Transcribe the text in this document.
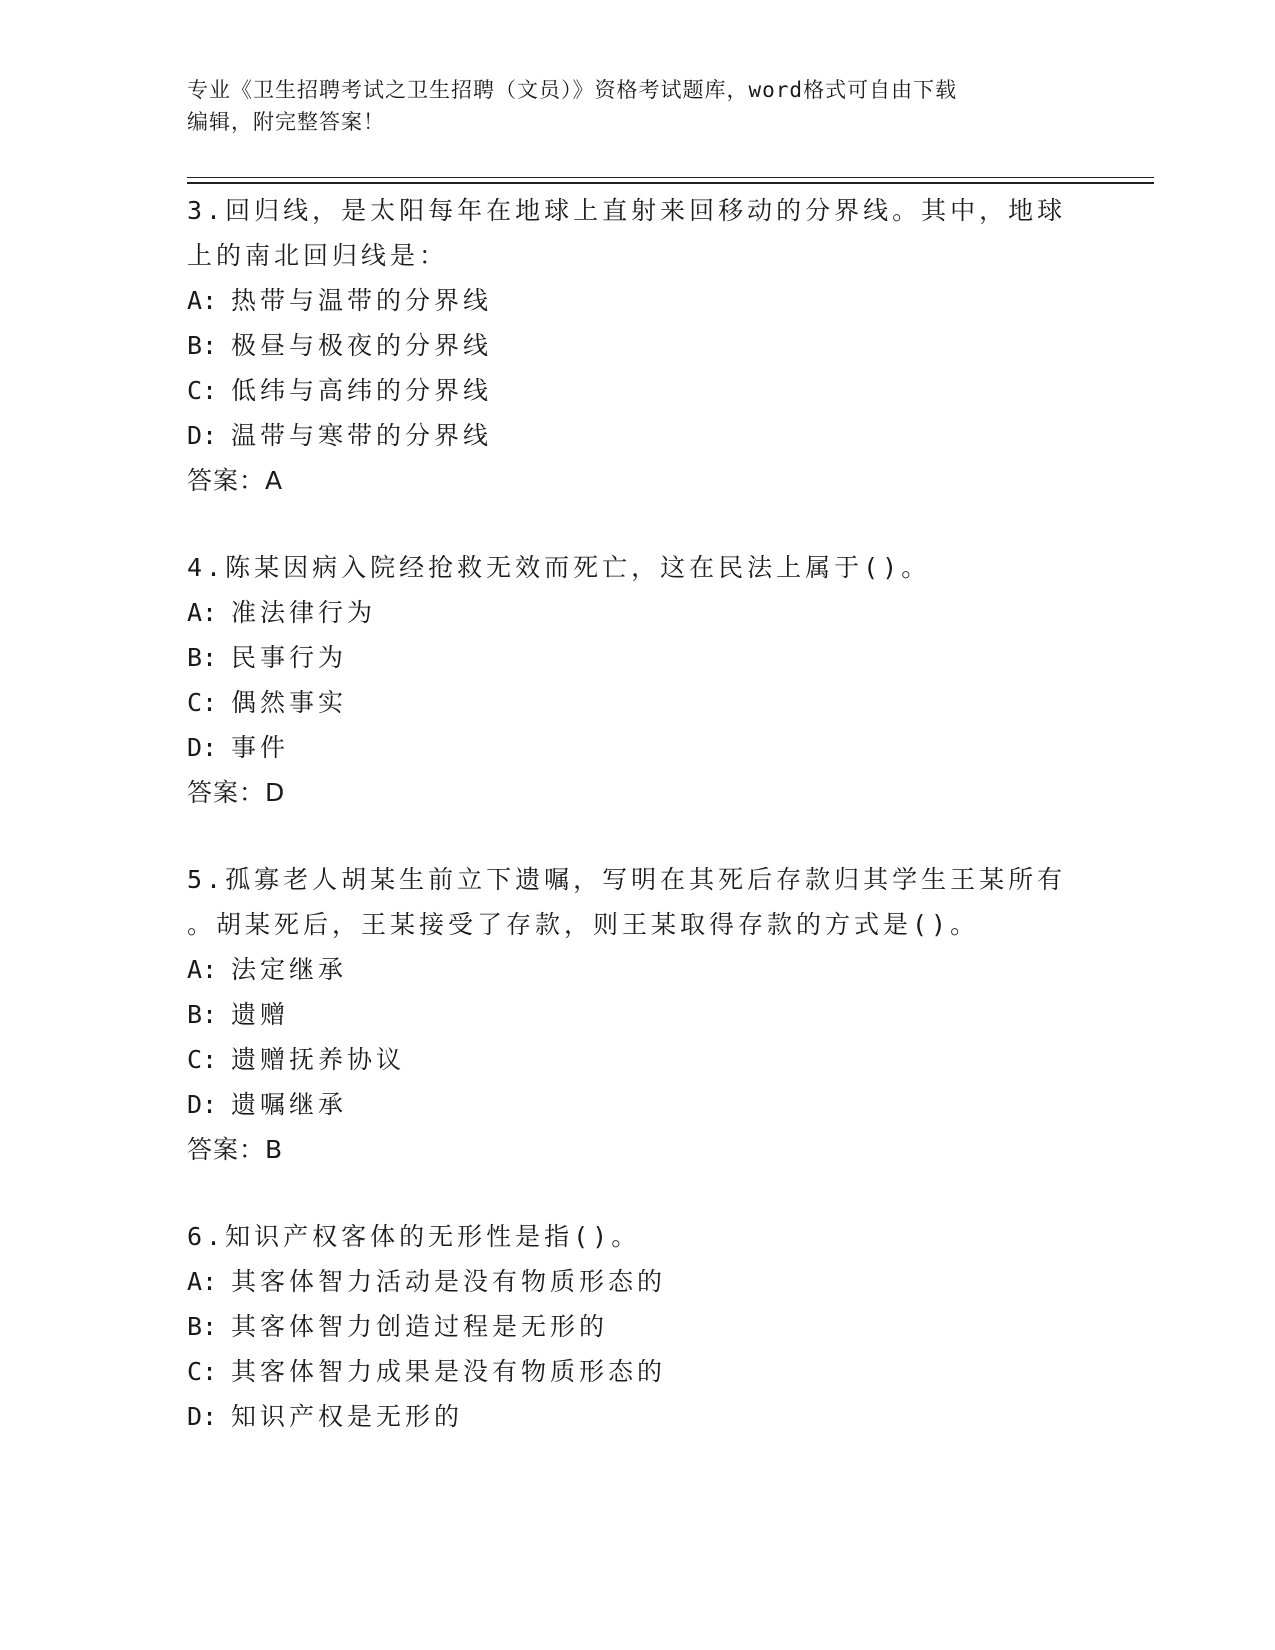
专业《卫生招聘考试之卫生招聘（文员）》资格考试题库，word格式可自由下载
编辑，附完整答案！
3.回归线，是太阳每年在地球上直射来回移动的分界线。其中，地球
上的南北回归线是：
A: 热带与温带的分界线
B: 极昼与极夜的分界线
C: 低纬与高纬的分界线
D: 温带与寒带的分界线
答案：A
4.陈某因病入院经抢救无效而死亡，这在民法上属于()。
A: 准法律行为
B: 民事行为
C: 偶然事实
D: 事件
答案：D
5.孤寡老人胡某生前立下遗嘱，写明在其死后存款归其学生王某所有
。胡某死后，王某接受了存款，则王某取得存款的方式是()。
A: 法定继承
B: 遗赠
C: 遗赠抚养协议
D: 遗嘱继承
答案：B
6.知识产权客体的无形性是指()。
A: 其客体智力活动是没有物质形态的
B: 其客体智力创造过程是无形的
C: 其客体智力成果是没有物质形态的
D: 知识产权是无形的
